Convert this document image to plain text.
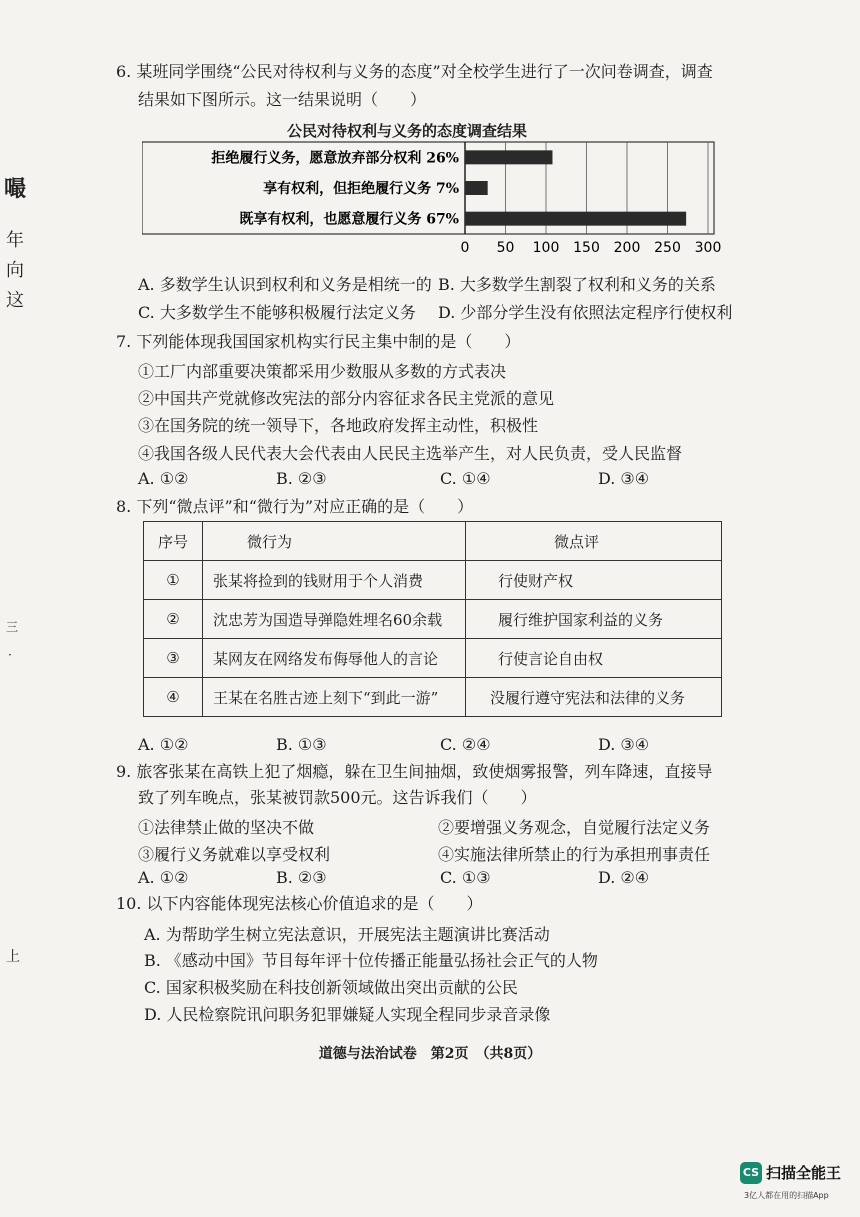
嘬
年
向
这
三
·
上
6. 某班同学围绕“公民对待权利与义务的态度”对全校学生进行了一次问卷调查，调查
结果如下图所示。这一结果说明（　　）
公民对待权利与义务的态度调查结果
拒绝履行义务，愿意放弃部分权利 26%
享有权利，但拒绝履行义务 7%
既享有权利，也愿意履行义务 67%
0 50 100 150 200 250 300
A. 多数学生认识到权利和义务是相统一的 B. 大多数学生割裂了权利和义务的关系
C. 大多数学生不能够积极履行法定义务 D. 少部分学生没有依照法定程序行使权利
7. 下列能体现我国国家机构实行民主集中制的是（　　）
①工厂内部重要决策都采用少数服从多数的方式表决
②中国共产党就修改宪法的部分内容征求各民主党派的意见
③在国务院的统一领导下，各地政府发挥主动性，积极性
④我国各级人民代表大会代表由人民民主选举产生，对人民负责，受人民监督
A. ①②	B. ②③	C. ①④	D. ③④
8. 下列“微点评”和“微行为”对应正确的是（　　）
序号	微行为	微点评
①	张某将捡到的钱财用于个人消费	行使财产权
②	沈忠芳为国造导弹隐姓埋名60余载	履行维护国家利益的义务
③	某网友在网络发布侮辱他人的言论	行使言论自由权
④	王某在名胜古迹上刻下“到此一游”	没履行遵守宪法和法律的义务
A. ①②	B. ①③	C. ②④	D. ③④
9. 旅客张某在高铁上犯了烟瘾，躲在卫生间抽烟，致使烟雾报警，列车降速，直接导
致了列车晚点，张某被罚款500元。这告诉我们（　　）
①法律禁止做的坚决不做	②要增强义务观念，自觉履行法定义务
③履行义务就难以享受权利	④实施法律所禁止的行为承担刑事责任
A. ①②	B. ②③	C. ①③	D. ②④
10. 以下内容能体现宪法核心价值追求的是（　　）
A. 为帮助学生树立宪法意识，开展宪法主题演讲比赛活动
B. 《感动中国》节目每年评十位传播正能量弘扬社会正气的人物
C. 国家积极奖励在科技创新领域做出突出贡献的公民
D. 人民检察院讯问职务犯罪嫌疑人实现全程同步录音录像
道德与法治试卷　第2页　（共8页）
CS 扫描全能王
3亿人都在用的扫描App
